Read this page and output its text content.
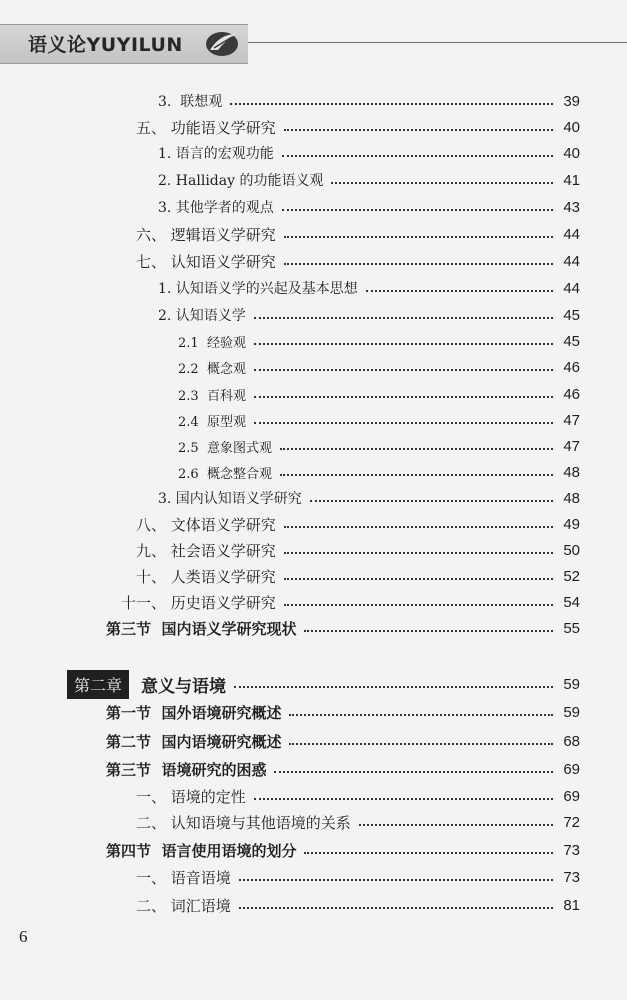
语义论YUYILUN
3.  联想观	39
五、 功能语义学研究	40
1. 语言的宏观功能	40
2. Halliday 的功能语义观	41
3. 其他学者的观点	43
六、 逻辑语义学研究	44
七、 认知语义学研究	44
1. 认知语义学的兴起及基本思想	44
2. 认知语义学	45
2.1  经验观	45
2.2  概念观	46
2.3  百科观	46
2.4  原型观	47
2.5  意象图式观	47
2.6  概念整合观	48
3. 国内认知语义学研究	48
八、 文体语义学研究	49
九、 社会语义学研究	50
十、 人类语义学研究	52
十一、 历史语义学研究	54
第三节  国内语义学研究现状	55
第二章	意义与语境	59
第一节  国外语境研究概述	59
第二节  国内语境研究概述	68
第三节  语境研究的困惑	69
一、 语境的定性	69
二、 认知语境与其他语境的关系	72
第四节  语言使用语境的划分	73
一、 语音语境	73
二、 词汇语境	81
6
